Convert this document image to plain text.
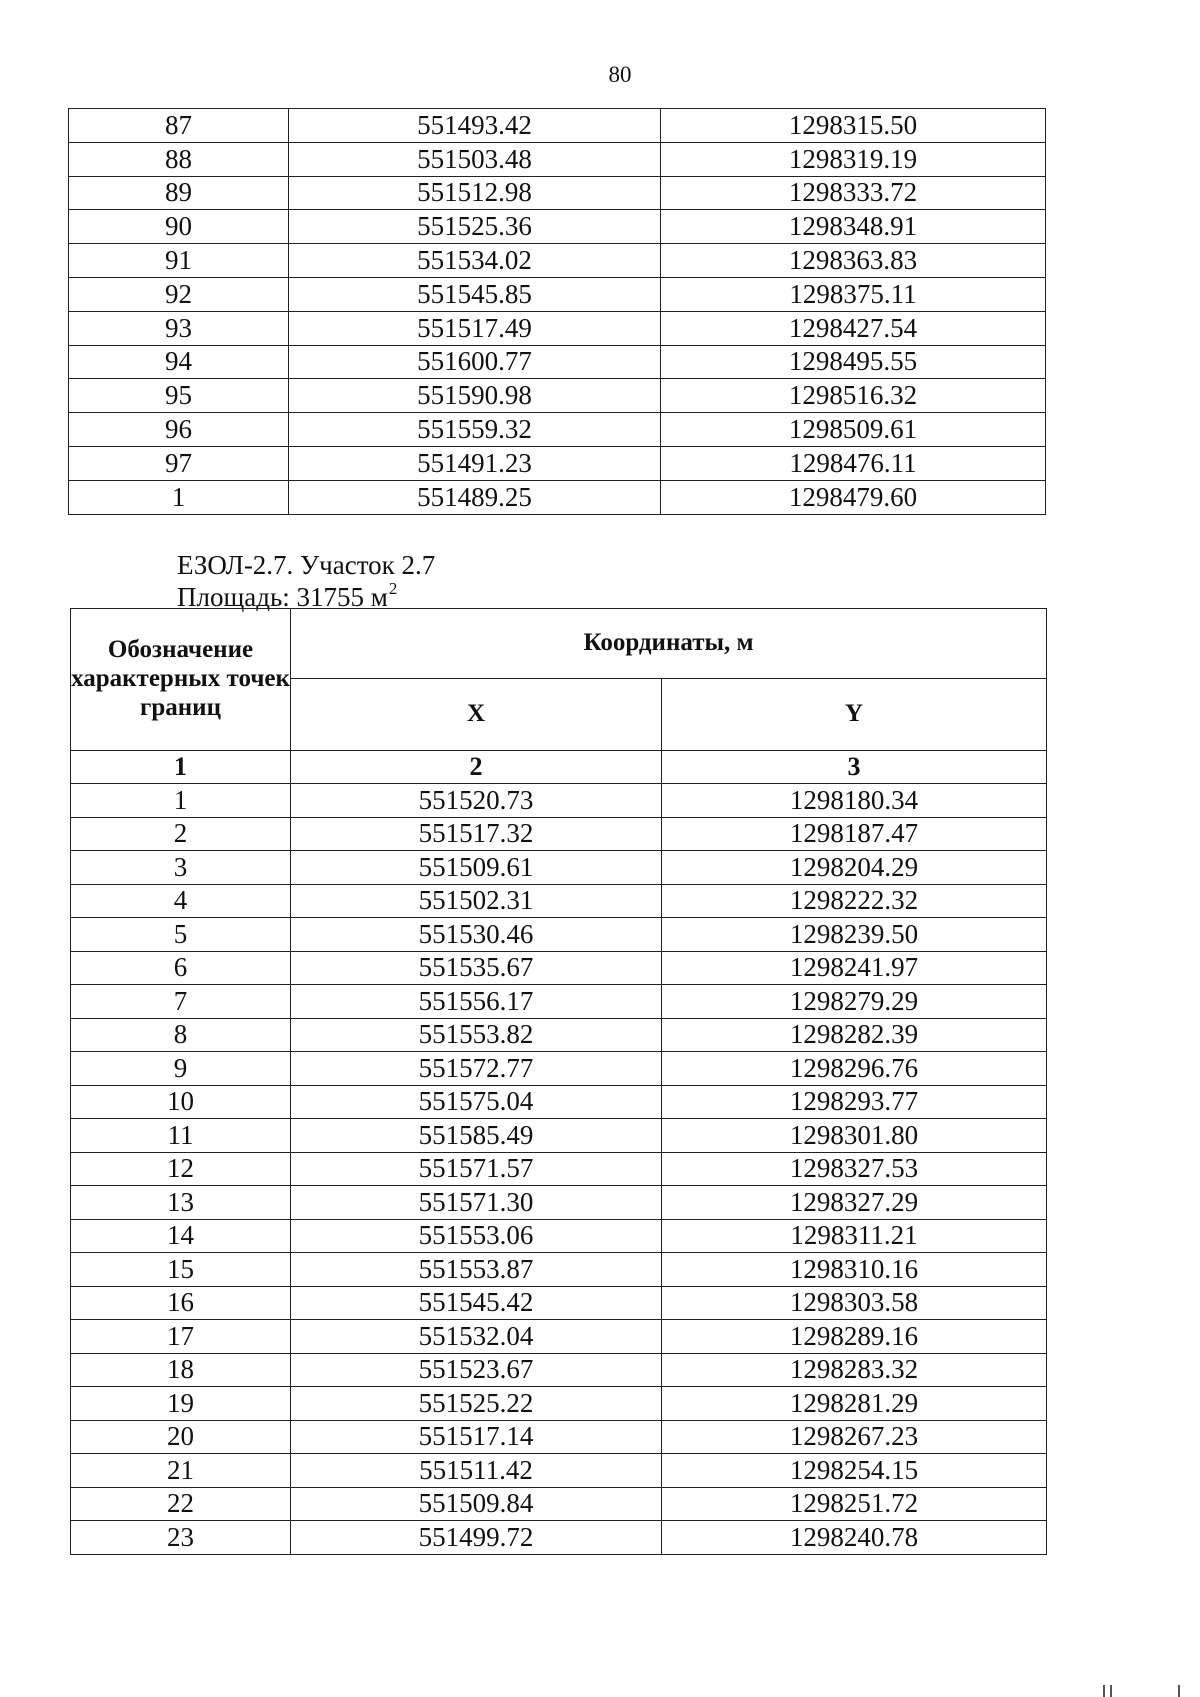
80
87	551493.42	1298315.50
88	551503.48	1298319.19
89	551512.98	1298333.72
90	551525.36	1298348.91
91	551534.02	1298363.83
92	551545.85	1298375.11
93	551517.49	1298427.54
94	551600.77	1298495.55
95	551590.98	1298516.32
96	551559.32	1298509.61
97	551491.23	1298476.11
1	551489.25	1298479.60
ЕЗОЛ-2.7. Участок 2.7
Площадь: 31755 $м^2$
Обозначение характерных точек границ	Координаты, м	
	X	Y
1	2	3
1	551520.73	1298180.34
2	551517.32	1298187.47
3	551509.61	1298204.29
4	551502.31	1298222.32
5	551530.46	1298239.50
6	551535.67	1298241.97
7	551556.17	1298279.29
8	551553.82	1298282.39
9	551572.77	1298296.76
10	551575.04	1298293.77
11	551585.49	1298301.80
12	551571.57	1298327.53
13	551571.30	1298327.29
14	551553.06	1298311.21
15	551553.87	1298310.16
16	551545.42	1298303.58
17	551532.04	1298289.16
18	551523.67	1298283.32
19	551525.22	1298281.29
20	551517.14	1298267.23
21	551511.42	1298254.15
22	551509.84	1298251.72
23	551499.72	1298240.78
